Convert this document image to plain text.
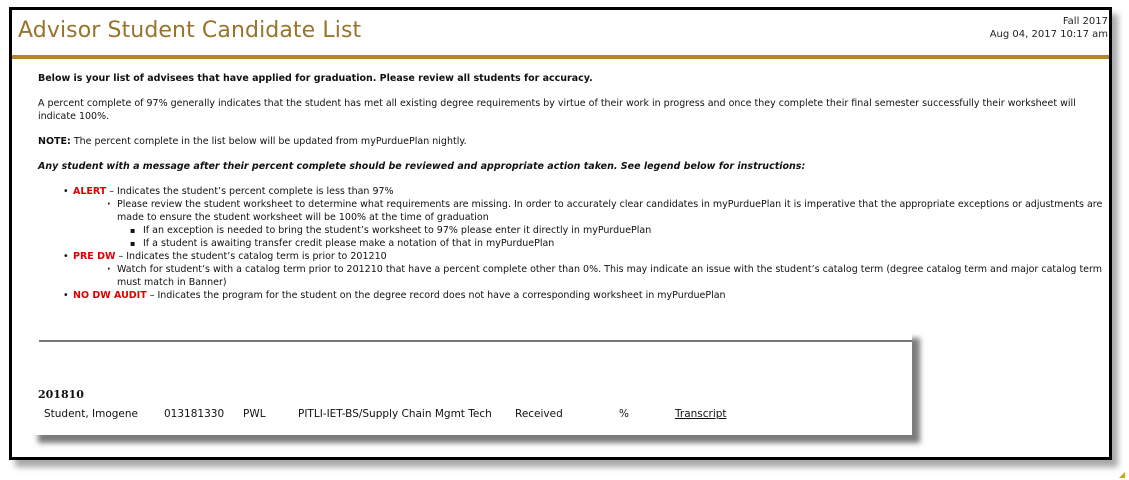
Advisor Student Candidate List	Fall 2017
Aug 04, 2017 10:17 am

Below is your list of advisees that have applied for graduation. Please review all students for accuracy.

A percent complete of 97% generally indicates that the student has met all existing degree requirements by virtue of their work in progress and once they complete their final semester successfully their worksheet will indicate 100%.

NOTE: The percent complete in the list below will be updated from myPurduePlan nightly.

Any student with a message after their percent complete should be reviewed and appropriate action taken. See legend below for instructions:

• ALERT – Indicates the student’s percent complete is less than 97%
· Please review the student worksheet to determine what requirements are missing. In order to accurately clear candidates in myPurduePlan it is imperative that the appropriate exceptions or adjustments are made to ensure the student worksheet will be 100% at the time of graduation
▪ If an exception is needed to bring the student’s worksheet to 97% please enter it directly in myPurduePlan
▪ If a student is awaiting transfer credit please make a notation of that in myPurduePlan
• PRE DW – Indicates the student’s catalog term is prior to 201210
· Watch for student’s with a catalog term prior to 201210 that have a percent complete other than 0%. This may indicate an issue with the student’s catalog term (degree catalog term and major catalog term must match in Banner)
• NO DW AUDIT – Indicates the program for the student on the degree record does not have a corresponding worksheet in myPurduePlan
201810
Student, Imogene 013181330 PWL	PITLI-IET-BS/Supply Chain Mgmt Tech Received	%	Transcript
◢
